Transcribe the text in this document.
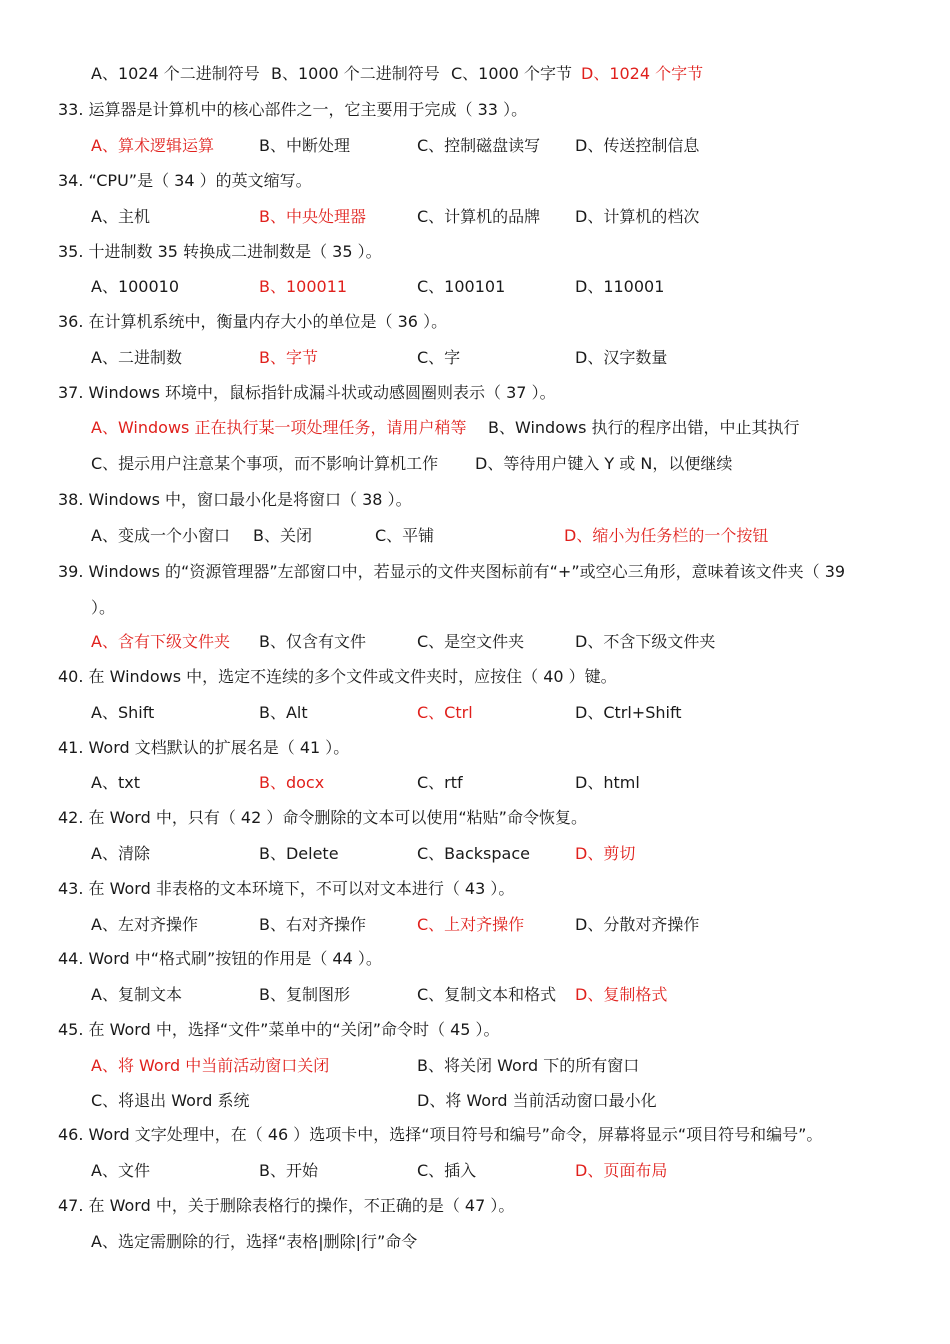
A、1024 个二进制符号 B、1000 个二进制符号 C、1000 个字节 D、1024 个字节
33. 运算器是计算机中的核心部件之一，它主要用于完成（ 33 ）。
A、算术逻辑运算	B、中断处理	C、控制磁盘读写 D、传送控制信息
34. “CPU”是（ 34 ）的英文缩写。
A、主机	B、中央处理器	C、计算机的品牌 D、计算机的档次
35. 十进制数 35 转换成二进制数是（ 35 ）。
A、100010	B、100011	C、100101	D、110001
36. 在计算机系统中，衡量内存大小的单位是（ 36 ）。
A、二进制数	B、字节	C、字	D、汉字数量
37. Windows 环境中，鼠标指针成漏斗状或动感圆圈则表示（ 37 ）。
A、Windows 正在执行某一项处理任务，请用户稍等 B、Windows 执行的程序出错，中止其执行
C、提示用户注意某个事项，而不影响计算机工作 D、等待用户键入 Y 或 N，以便继续
38. Windows 中，窗口最小化是将窗口（ 38 ）。
A、变成一个小窗口 B、关闭	C、平铺	D、缩小为任务栏的一个按钮
39. Windows 的“资源管理器”左部窗口中，若显示的文件夹图标前有“+”或空心三角形，意味着该文件夹（ 39
）。
A、含有下级文件夹 B、仅含有文件	C、是空文件夹	D、不含下级文件夹
40. 在 Windows 中，选定不连续的多个文件或文件夹时，应按住（ 40 ）键。
A、Shift	B、Alt	C、Ctrl	D、Ctrl+Shift
41. Word 文档默认的扩展名是（ 41 ）。
A、txt	B、docx	C、rtf	D、html
42. 在 Word 中，只有（ 42 ）命令删除的文本可以使用“粘贴”命令恢复。
A、清除	B、Delete	C、Backspace	D、剪切
43. 在 Word 非表格的文本环境下，不可以对文本进行（ 43 ）。
A、左对齐操作	B、右对齐操作	C、上对齐操作	D、分散对齐操作
44. Word 中“格式刷”按钮的作用是（ 44 ）。
A、复制文本	B、复制图形	C、复制文本和格式 D、复制格式
45. 在 Word 中，选择“文件”菜单中的“关闭”命令时（ 45 ）。
A、将 Word 中当前活动窗口关闭	B、将关闭 Word 下的所有窗口
C、将退出 Word 系统	D、将 Word 当前活动窗口最小化
46. Word 文字处理中，在（ 46 ）选项卡中，选择“项目符号和编号”命令，屏幕将显示“项目符号和编号”。
A、文件	B、开始	C、插入	D、页面布局
47. 在 Word 中，关于删除表格行的操作，不正确的是（ 47 ）。
A、选定需删除的行，选择“表格|删除|行”命令
